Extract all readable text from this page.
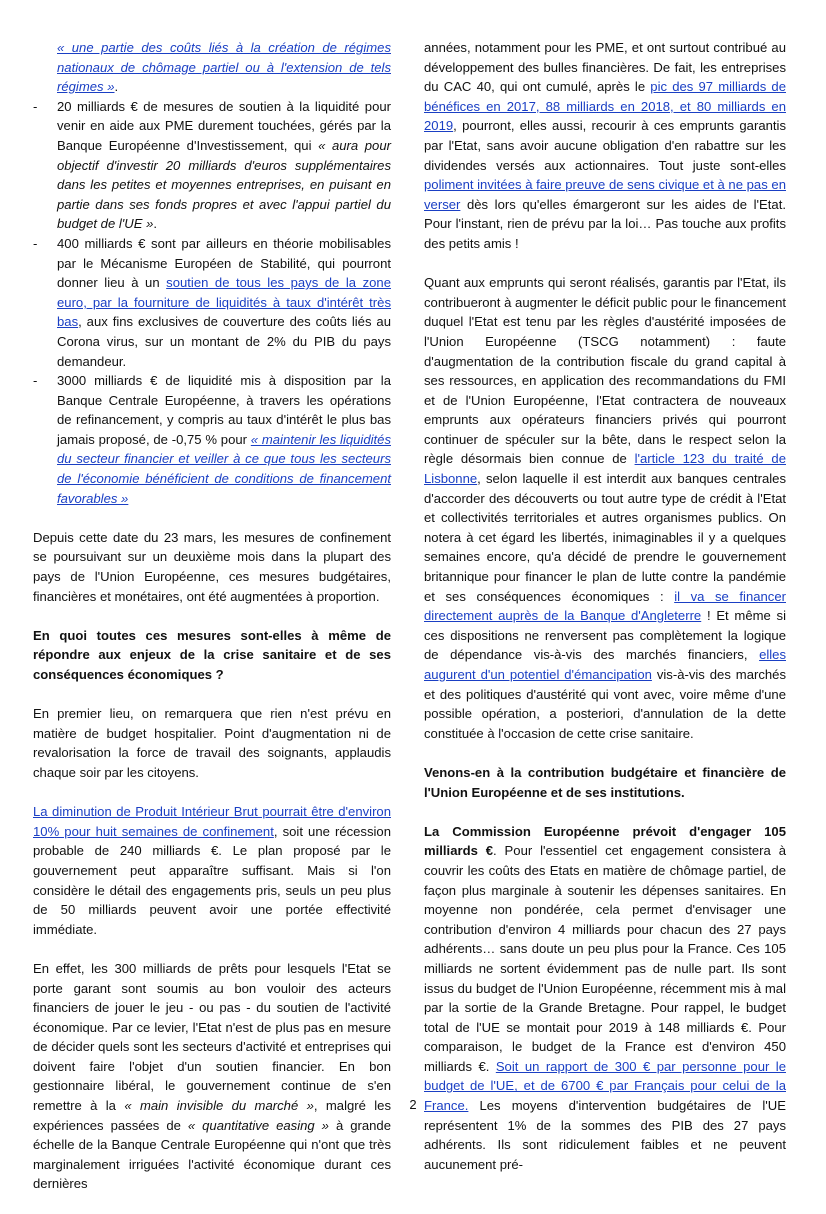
« une partie des coûts liés à la création de régimes nationaux de chômage partiel ou à l'extension de tels régimes ».
- 20 milliards € de mesures de soutien à la liquidité pour venir en aide aux PME durement touchées, gérés par la Banque Européenne d'Investissement, qui « aura pour objectif d'investir 20 milliards d'euros supplémentaires dans les petites et moyennes entreprises, en puisant en partie dans ses fonds propres et avec l'appui partiel du budget de l'UE ».
- 400 milliards € sont par ailleurs en théorie mobilisables par le Mécanisme Européen de Stabilité, qui pourront donner lieu à un soutien de tous les pays de la zone euro, par la fourniture de liquidités à taux d'intérêt très bas, aux fins exclusives de couverture des coûts liés au Corona virus, sur un montant de 2% du PIB du pays demandeur.
- 3000 milliards € de liquidité mis à disposition par la Banque Centrale Européenne, à travers les opérations de refinancement, y compris au taux d'intérêt le plus bas jamais proposé, de -0,75 % pour « maintenir les liquidités du secteur financier et veiller à ce que tous les secteurs de l'économie bénéficient de conditions de financement favorables »

Depuis cette date du 23 mars, les mesures de confinement se poursuivant sur un deuxième mois dans la plupart des pays de l'Union Européenne, ces mesures budgétaires, financières et monétaires, ont été augmentées à proportion.

En quoi toutes ces mesures sont-elles à même de répondre aux enjeux de la crise sanitaire et de ses conséquences économiques ?

En premier lieu, on remarquera que rien n'est prévu en matière de budget hospitalier. Point d'augmentation ni de revalorisation la force de travail des soignants, applaudis chaque soir par les citoyens.

La diminution de Produit Intérieur Brut pourrait être d'environ 10% pour huit semaines de confinement, soit une récession probable de 240 milliards €. Le plan proposé par le gouvernement peut apparaître suffisant. Mais si l'on considère le détail des engagements pris, seuls un peu plus de 50 milliards peuvent avoir une portée effectivité immédiate.

En effet, les 300 milliards de prêts pour lesquels l'Etat se porte garant sont soumis au bon vouloir des acteurs financiers de jouer le jeu - ou pas - du soutien de l'activité économique. Par ce levier, l'Etat n'est de plus pas en mesure de décider quels sont les secteurs d'activité et entreprises qui doivent faire l'objet d'un soutien financier. En bon gestionnaire libéral, le gouvernement continue de s'en remettre à la « main invisible du marché », malgré les expériences passées de « quantitative easing » à grande échelle de la Banque Centrale Européenne qui n'ont que très marginalement irriguées l'activité économique durant ces dernières

années, notamment pour les PME, et ont surtout contribué au développement des bulles financières. De fait, les entreprises du CAC 40, qui ont cumulé, après le pic des 97 milliards de bénéfices en 2017, 88 milliards en 2018, et 80 milliards en 2019, pourront, elles aussi, recourir à ces emprunts garantis par l'Etat, sans avoir aucune obligation d'en rabattre sur les dividendes versés aux actionnaires. Tout juste sont-elles poliment invitées à faire preuve de sens civique et à ne pas en verser dès lors qu'elles émargeront sur les aides de l'Etat. Pour l'instant, rien de prévu par la loi… Pas touche aux profits des petits amis !

Quant aux emprunts qui seront réalisés, garantis par l'Etat, ils contribueront à augmenter le déficit public pour le financement duquel l'Etat est tenu par les règles d'austérité imposées de l'Union Européenne (TSCG notamment) : faute d'augmentation de la contribution fiscale du grand capital à ses ressources, en application des recommandations du FMI et de l'Union Européenne, l'Etat contractera de nouveaux emprunts aux opérateurs financiers privés qui pourront continuer de spéculer sur la bête, dans le respect selon la règle désormais bien connue de l'article 123 du traité de Lisbonne, selon laquelle il est interdit aux banques centrales d'accorder des découverts ou tout autre type de crédit à l'Etat et collectivités territoriales et autres organismes publics. On notera à cet égard les libertés, inimaginables il y a quelques semaines encore, qu'a décidé de prendre le gouvernement britannique pour financer le plan de lutte contre la pandémie et ses conséquences économiques : il va se financer directement auprès de la Banque d'Angleterre ! Et même si ces dispositions ne renversent pas complètement la logique de dépendance vis-à-vis des marchés financiers, elles augurent d'un potentiel d'émancipation vis-à-vis des marchés et des politiques d'austérité qui vont avec, voire même d'une possible opération, a posteriori, d'annulation de la dette constituée à l'occasion de cette crise sanitaire.

Venons-en à la contribution budgétaire et financière de l'Union Européenne et de ses institutions.

La Commission Européenne prévoit d'engager 105 milliards €. Pour l'essentiel cet engagement consistera à couvrir les coûts des Etats en matière de chômage partiel, de façon plus marginale à soutenir les dépenses sanitaires. En moyenne non pondérée, cela permet d'envisager une contribution d'environ 4 milliards pour chacun des 27 pays adhérents… sans doute un peu plus pour la France. Ces 105 milliards ne sortent évidemment pas de nulle part. Ils sont issus du budget de l'Union Européenne, récemment mis à mal par la sortie de la Grande Bretagne. Pour rappel, le budget total de l'UE se montait pour 2019 à 148 milliards €. Pour comparaison, le budget de la France est d'environ 450 milliards €. Soit un rapport de 300 € par personne pour le budget de l'UE, et de 6700 € par Français pour celui de la France. Les moyens d'intervention budgétaires de l'UE représentent 1% de la sommes des PIB des 27 pays adhérents. Ils sont ridiculement faibles et ne peuvent aucunement pré-

2
